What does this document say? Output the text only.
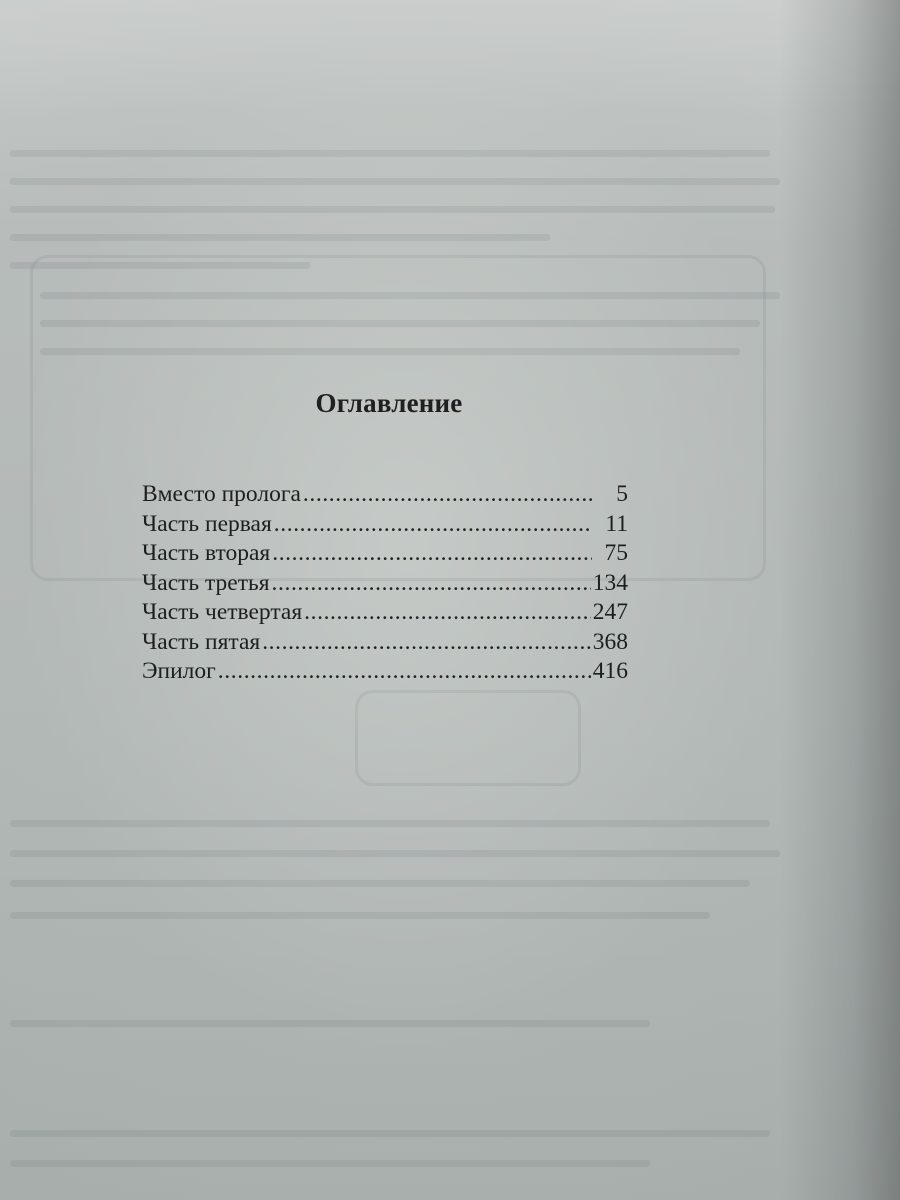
Оглавление
Вместо пролога .....	5
Часть первая .....	11
Часть вторая .....	75
Часть третья .....	134
Часть четвертая .....	247
Часть пятая .....	368
Эпилог .....	416
